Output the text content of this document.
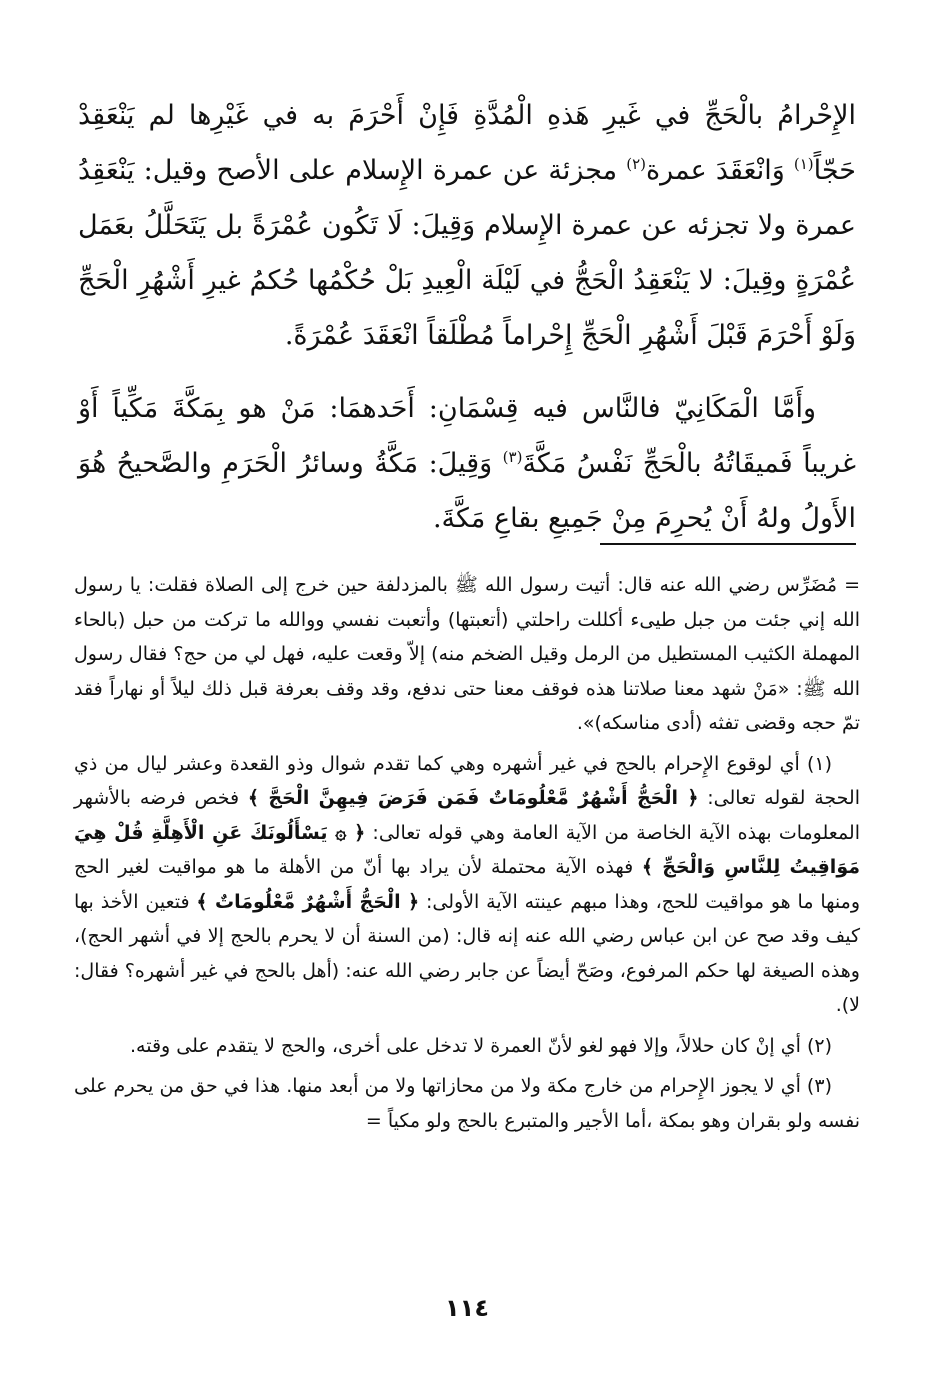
الإِحْرامُ بالْحَجِّ في غَيرِ هَذهِ الْمُدَّةِ فَإِنْ أَحْرَمَ به في غَيْرِها لم يَنْعَقِدْ حَجّاً$^{(١)}$ وَانْعَقَدَ عمرة$^{(٢)}$ مجزئة عن عمرة الإِسلام على الأصح وقيل: يَنْعَقِدُ عمرة ولا تجزئه عن عمرة الإِسلام وَقِيلَ: لَا تَكُون عُمْرَةً بل يَتَحَلَّلُ بعَمَل عُمْرَةٍ وقِيلَ: لا يَنْعَقِدُ الْحَجُّ في لَيْلَة الْعِيدِ بَلْ حُكْمُها حُكمُ غيرِ أَشْهُرِ الْحَجِّ وَلَوْ أَحْرَمَ قَبْلَ أَشْهُرِ الْحَجِّ إِحْراماً مُطْلَقاً انْعَقَدَ عُمْرَةً.

وأَمَّا الْمَكَانِيّ فالنَّاس فيه قِسْمَانِ: أَحَدهمَا: مَنْ هو بِمَكَّةَ مَكِّياً أَوْ غريباً فَميقَاتُهُ بالْحَجِّ نَفْسُ مَكَّةَ$^{(٣)}$ وَقِيلَ: مَكَّةُ وسائرُ الْحَرَمِ والصَّحيحُ هُوَ الأَولُ ولهُ أَنْ يُحرِمَ مِنْ جَمِيعِ بقاعِ مَكَّةَ.

= مُضَرِّس رضي الله عنه قال: أتيت رسول الله ﷺ بالمزدلفة حين خرج إلى الصلاة فقلت: يا رسول الله إني جئت من جبل طيىء أكللت راحلتي (أتعبتها) وأتعبت نفسي ووالله ما تركت من حبل (بالحاء المهملة الكثيب المستطيل من الرمل وقيل الضخم منه) إلاّ وقعت عليه، فهل لي من حج؟ فقال رسول الله ﷺ: «مَنْ شهد معنا صلاتنا هذه فوقف معنا حتى ندفع، وقد وقف بعرفة قبل ذلك ليلاً أو نهاراً فقد تمّ حجه وقضى تفثه (أدى مناسكه)».

(١) أي لوقوع الإِحرام بالحج في غير أشهره وهي كما تقدم شوال وذو القعدة وعشر ليال من ذي الحجة لقوله تعالى: ﴿ الْحَجُّ أَشْهُرٌ مَّعْلُومَاتٌ فَمَن فَرَضَ فِيهِنَّ الْحَجَّ ﴾ فخص فرضه بالأشهر المعلومات بهذه الآية الخاصة من الآية العامة وهي قوله تعالى: ﴿ ۞ يَسْأَلُونَكَ عَنِ الْأَهِلَّةِ قُلْ هِيَ مَوَاقِيتُ لِلنَّاسِ وَالْحَجِّ ﴾ فهذه الآية محتملة لأن يراد بها أنّ من الأهلة ما هو مواقيت لغير الحج ومنها ما هو مواقيت للحج، وهذا مبهم عينته الآية الأولى: ﴿ الْحَجُّ أَشْهُرٌ مَّعْلُومَاتٌ ﴾ فتعين الأخذ بها كيف وقد صح عن ابن عباس رضي الله عنه إنه قال: (من السنة أن لا يحرم بالحج إلا في أشهر الحج)، وهذه الصيغة لها حكم المرفوع، وصَحّ أيضاً عن جابر رضي الله عنه: (أهل بالحج في غير أشهره؟ فقال: لا).

(٢) أي إنْ كان حلالاً، وإلا فهو لغو لأنّ العمرة لا تدخل على أخرى، والحج لا يتقدم على وقته.

(٣) أي لا يجوز الإِحرام من خارج مكة ولا من محازاتها ولا من أبعد منها. هذا في حق من يحرم على نفسه ولو بقران وهو بمكة ،أما الأجير والمتبرع بالحج ولو مكياً =

١١٤
